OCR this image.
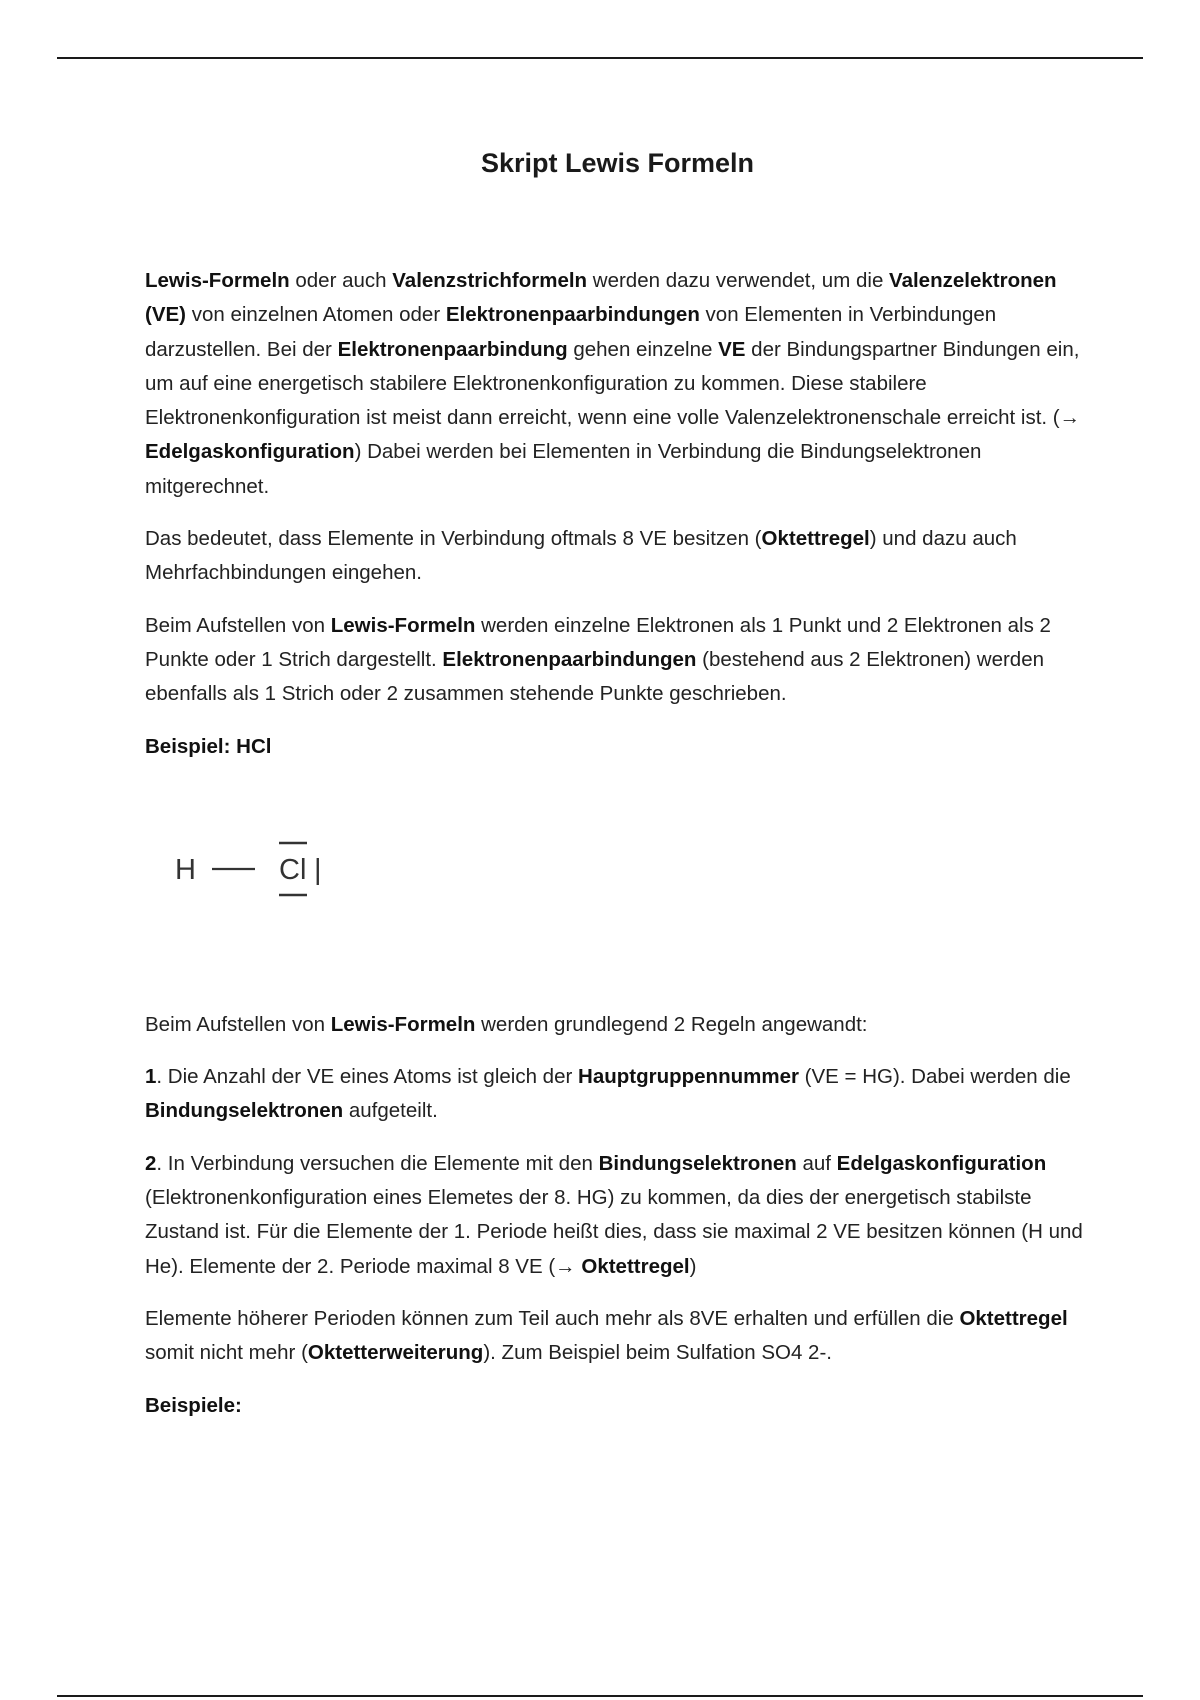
Skript Lewis Formeln

Lewis-Formeln oder auch Valenzstrichformeln werden dazu verwendet, um die Valenzelektronen (VE) von einzelnen Atomen oder Elektronenpaarbindungen von Elementen in Verbindungen darzustellen. Bei der Elektronenpaarbindung gehen einzelne VE der Bindungspartner Bindungen ein, um auf eine energetisch stabilere Elektronenkonfiguration zu kommen. Diese stabilere Elektronenkonfiguration ist meist dann erreicht, wenn eine volle Valenzelektronenschale erreicht ist. (→ Edelgaskonfiguration) Dabei werden bei Elementen in Verbindung die Bindungselektronen mitgerechnet.

Das bedeutet, dass Elemente in Verbindung oftmals 8 VE besitzen (Oktettregel) und dazu auch Mehrfachbindungen eingehen.

Beim Aufstellen von Lewis-Formeln werden einzelne Elektronen als 1 Punkt und 2 Elektronen als 2 Punkte oder 1 Strich dargestellt. Elektronenpaarbindungen (bestehend aus 2 Elektronen) werden ebenfalls als 1 Strich oder 2 zusammen stehende Punkte geschrieben.

Beispiel: HCl

H	Cl |

Beim Aufstellen von Lewis-Formeln werden grundlegend 2 Regeln angewandt:

1. Die Anzahl der VE eines Atoms ist gleich der Hauptgruppennummer (VE = HG). Dabei werden die Bindungselektronen aufgeteilt.

2. In Verbindung versuchen die Elemente mit den Bindungselektronen auf Edelgaskonfiguration (Elektronenkonfiguration eines Elemetes der 8. HG) zu kommen, da dies der energetisch stabilste Zustand ist. Für die Elemente der 1. Periode heißt dies, dass sie maximal 2 VE besitzen können (H und He). Elemente der 2. Periode maximal 8 VE (→ Oktettregel)

Elemente höherer Perioden können zum Teil auch mehr als 8VE erhalten und erfüllen die Oktettregel somit nicht mehr (Oktetterweiterung). Zum Beispiel beim Sulfation SO4 2-.

Beispiele:
